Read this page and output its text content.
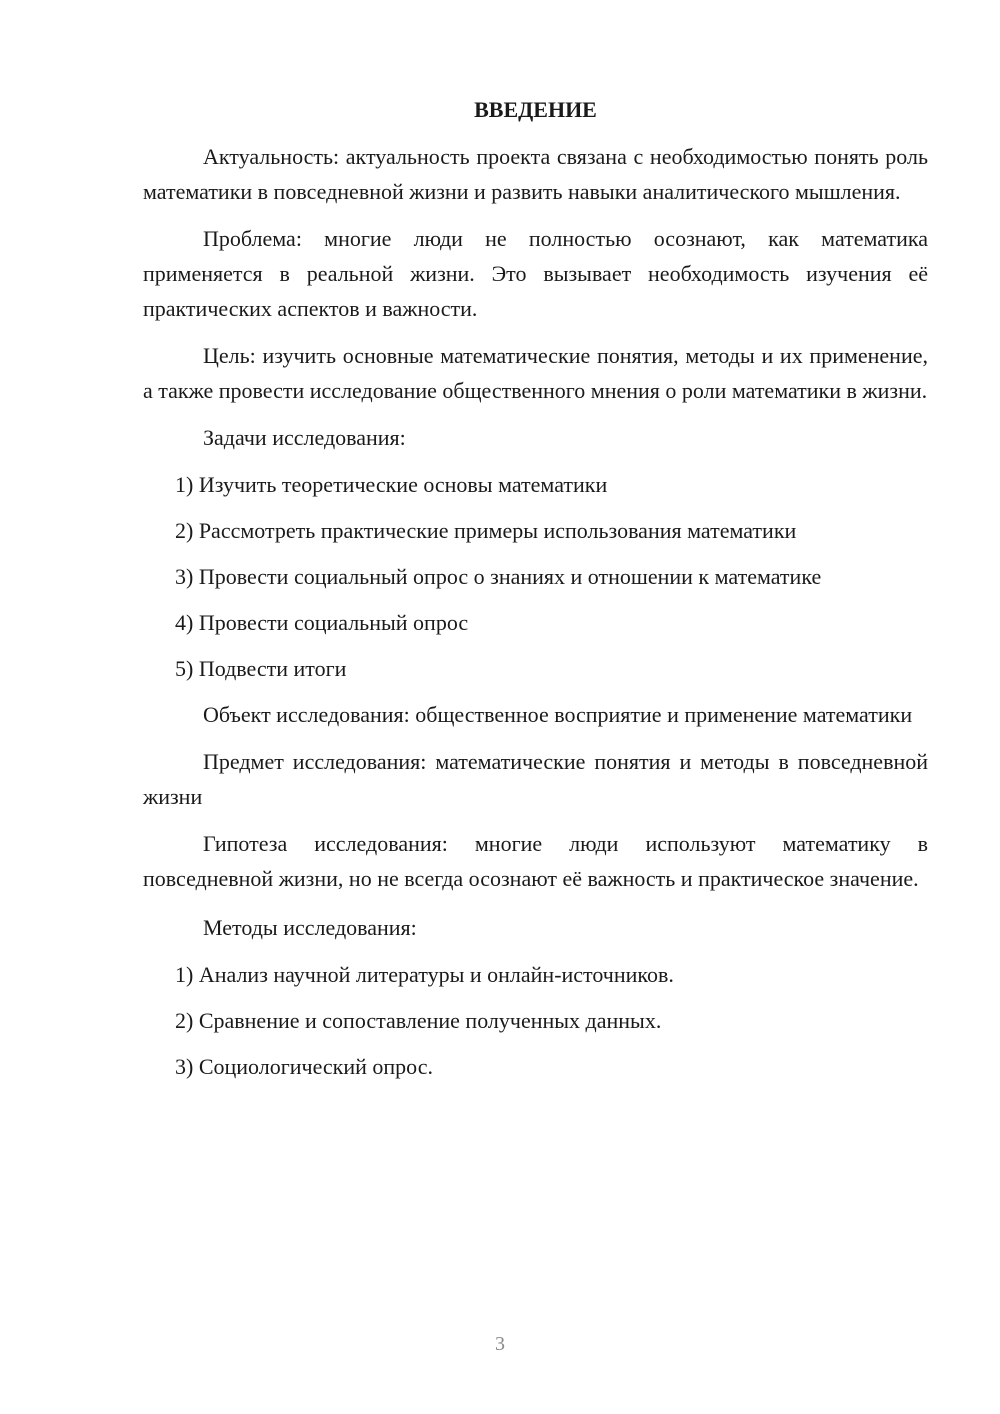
ВВЕДЕНИЕ

Актуальность: актуальность проекта связана с необходимостью понять роль математики в повседневной жизни и развить навыки аналитического мышления.

Проблема: многие люди не полностью осознают, как математика применяется в реальной жизни. Это вызывает необходимость изучения её практических аспектов и важности.

Цель: изучить основные математические понятия, методы и их применение, а также провести исследование общественного мнения о роли математики в жизни.

Задачи исследования:

1) Изучить теоретические основы математики
2) Рассмотреть практические примеры использования математики
3) Провести социальный опрос о знаниях и отношении к математике
4) Провести социальный опрос
5) Подвести итоги

Объект исследования: общественное восприятие и применение математики

Предмет исследования: математические понятия и методы в повседневной жизни

Гипотеза исследования: многие люди используют математику в повседневной жизни, но не всегда осознают её важность и практическое значение.

Методы исследования:

1) Анализ научной литературы и онлайн-источников.
2) Сравнение и сопоставление полученных данных.
3) Социологический опрос.
3
